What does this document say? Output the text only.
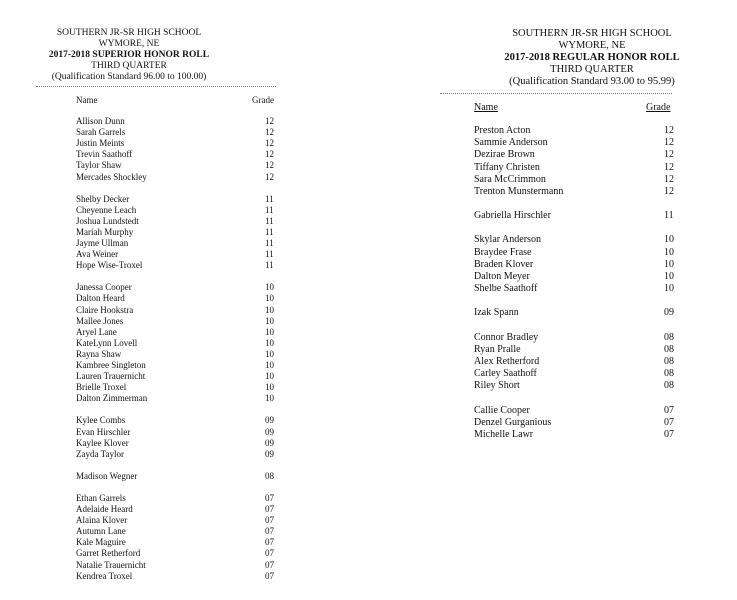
SOUTHERN JR-SR HIGH SCHOOL
WYMORE, NE
2017-2018 SUPERIOR HONOR ROLL
THIRD QUARTER
(Qualification Standard 96.00 to 100.00)
Name	Grade
Allison Dunn	12
Sarah Garrels	12
Justin Meints	12
Trevin Saathoff	12
Taylor Shaw	12
Mercades Shockley	12
Shelby Decker	11
Cheyenne Leach	11
Joshua Lundstedt	11
Mariah Murphy	11
Jayme Ullman	11
Ava Weiner	11
Hope Wise-Troxel	11
Janessa Cooper	10
Dalton Heard	10
Claire Hookstra	10
Mallee Jones	10
Aryel Lane	10
KateLynn Lovell	10
Rayna Shaw	10
Kambree Singleton	10
Lauren Trauernicht	10
Brielle Troxel	10
Dalton Zimmerman	10
Kylee Combs	09
Evan Hirschler	09
Kaylee Klover	09
Zayda Taylor	09
Madison Wegner	08
Ethan Garrels	07
Adelaide Heard	07
Alaina Klover	07
Autumn Lane	07
Kale Maguire	07
Garret Retherford	07
Natalie Trauernicht	07
Kendrea Troxel	07
SOUTHERN JR-SR HIGH SCHOOL
WYMORE, NE
2017-2018 REGULAR HONOR ROLL
THIRD QUARTER
(Qualification Standard 93.00 to 95.99)
Name	Grade
Preston Acton	12
Sammie Anderson	12
Dezirae Brown	12
Tiffany Christen	12
Sara McCrimmon	12
Trenton Munstermann	12
Gabriella Hirschler	11
Skylar Anderson	10
Braydee Frase	10
Braden Klover	10
Dalton Meyer	10
Shelbe Saathoff	10
Izak Spann	09
Connor Bradley	08
Ryan Pralle	08
Alex Retherford	08
Carley Saathoff	08
Riley Short	08
Callie Cooper	07
Denzel Gurganious	07
Michelle Lawr	07
